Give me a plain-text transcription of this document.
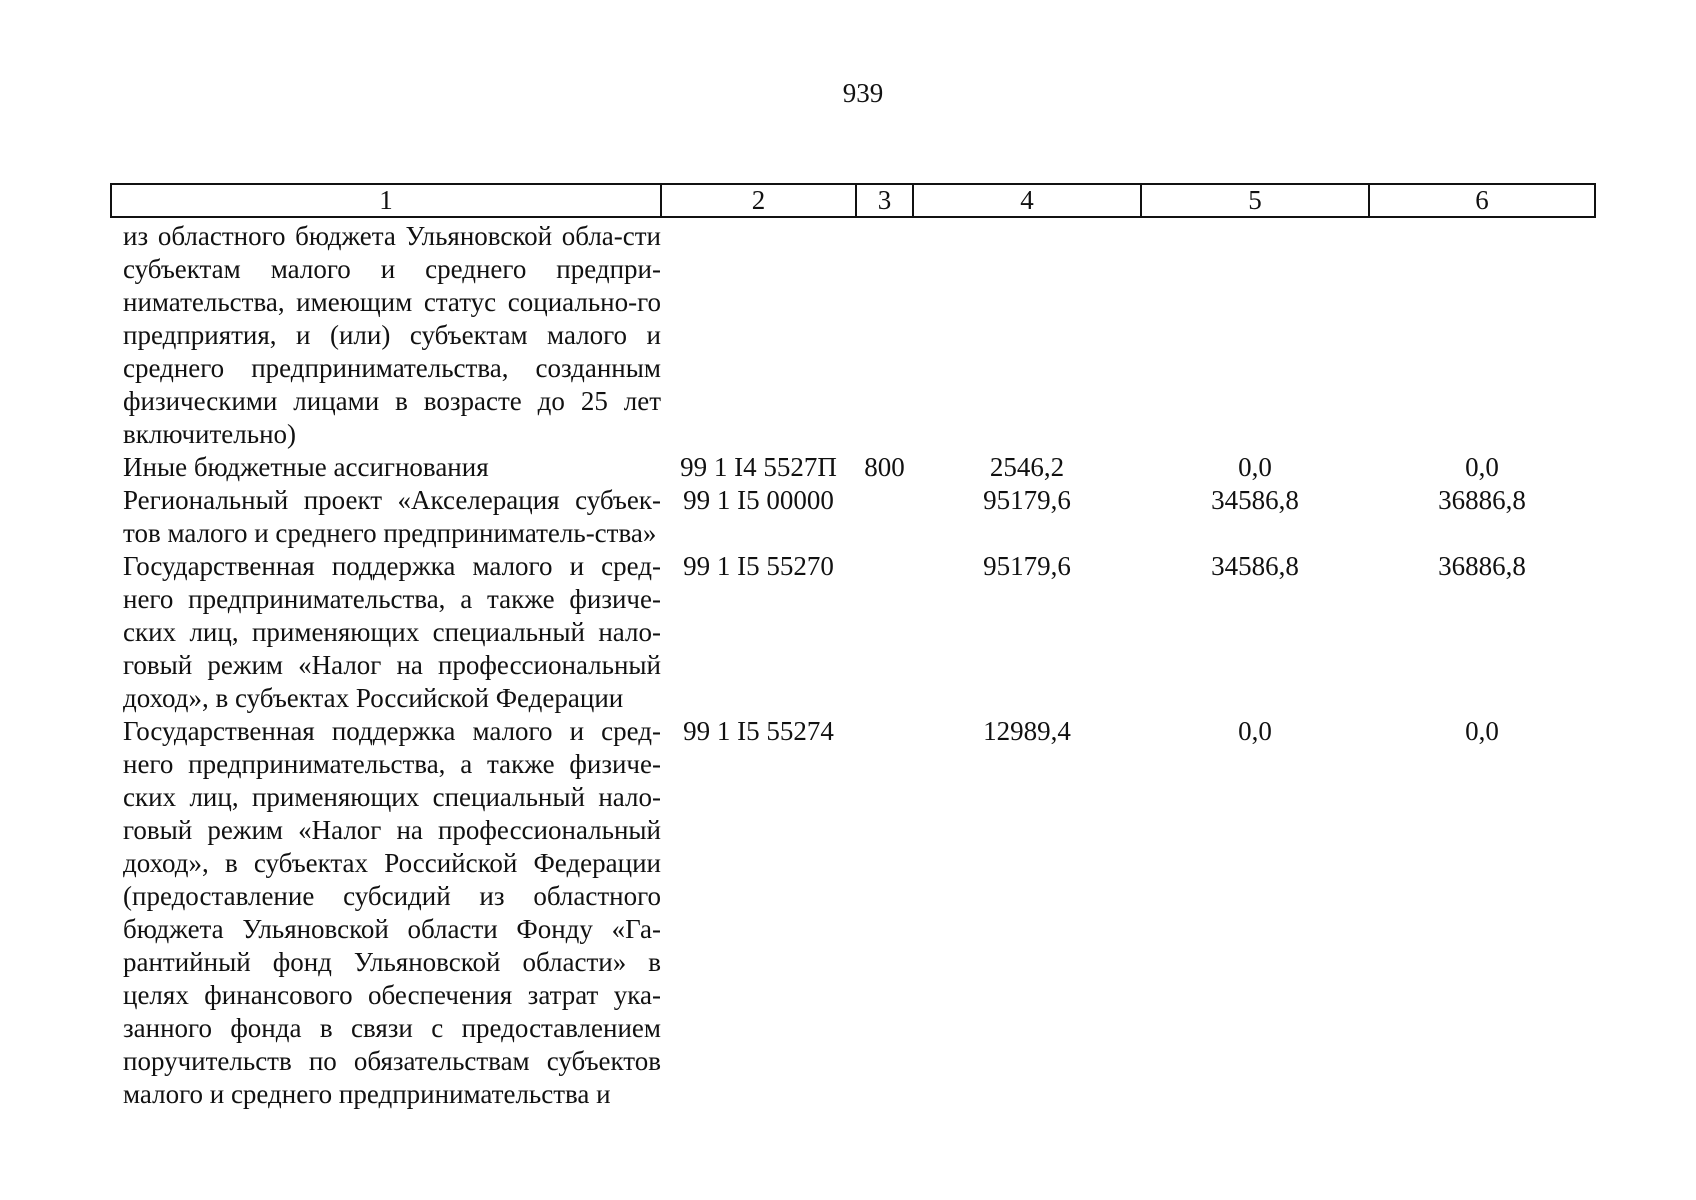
939
1	2	3	4	5	6
из областного бюджета Ульяновской обла-сти субъектам малого и среднего предпри-нимательства, имеющим статус социально-го предприятия, и (или) субъектам малого и среднего предпринимательства, созданным физическими лицами в возрасте до 25 лет включительно)					
Иные бюджетные ассигнования	99 1 I4 5527П	800	2546,2	0,0	0,0
Региональный проект «Акселерация субъек-тов малого и среднего предприниматель-ства»	99 1 I5 00000		95179,6	34586,8	36886,8
Государственная поддержка малого и сред-него предпринимательства, а также физиче-ских лиц, применяющих специальный нало-говый режим «Налог на профессиональный доход», в субъектах Российской Федерации	99 1 I5 55270		95179,6	34586,8	36886,8
Государственная поддержка малого и сред-него предпринимательства, а также физиче-ских лиц, применяющих специальный нало-говый режим «Налог на профессиональный доход», в субъектах Российской Федерации (предоставление субсидий из областного бюджета Ульяновской области Фонду «Га-рантийный фонд Ульяновской области» в целях финансового обеспечения затрат ука-занного фонда в связи с предоставлением поручительств по обязательствам субъектов малого и среднего предпринимательства и	99 1 I5 55274		12989,4	0,0	0,0
